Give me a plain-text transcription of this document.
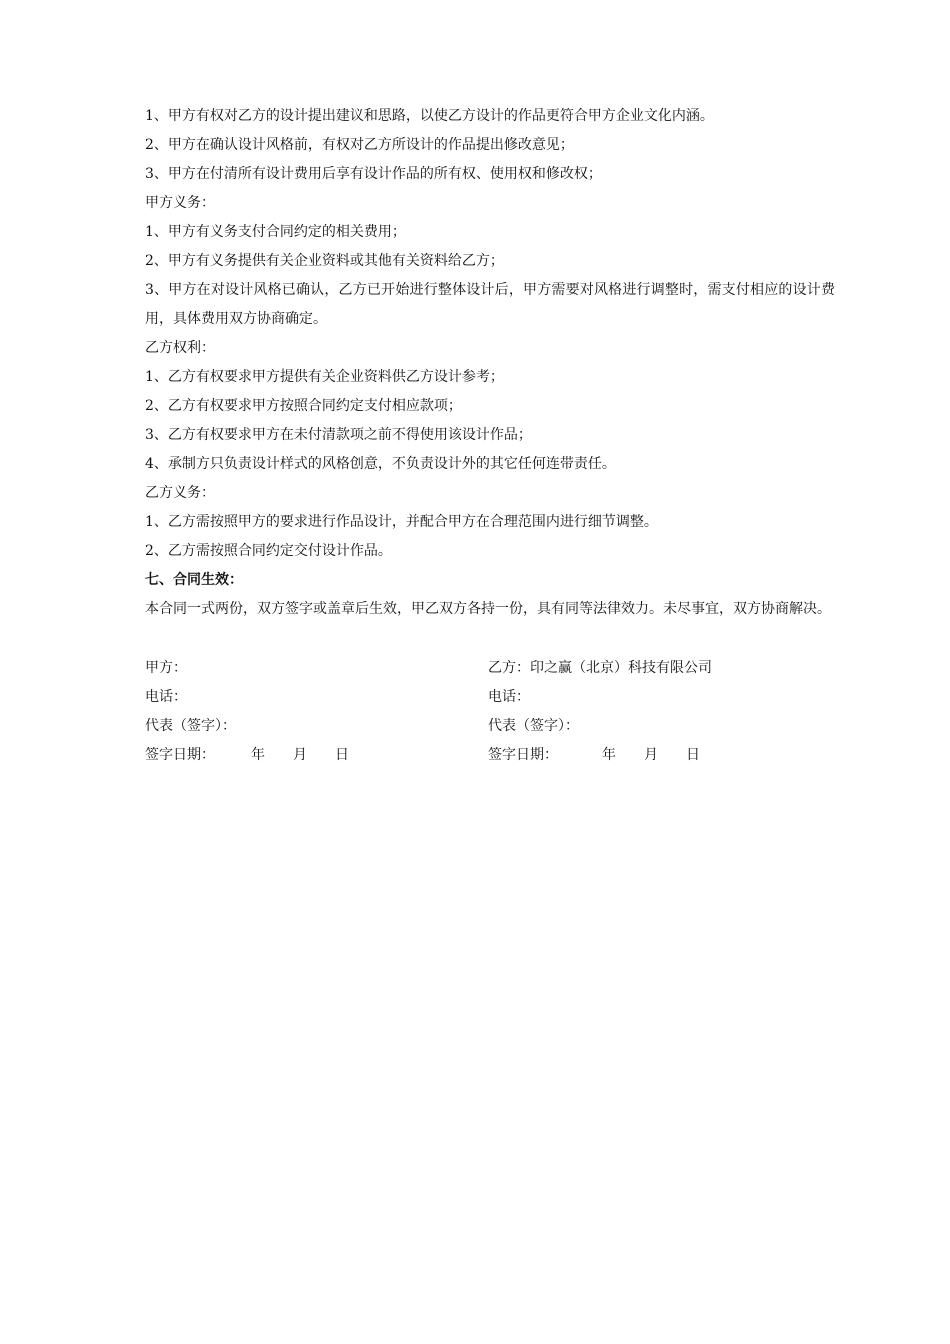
1、甲方有权对乙方的设计提出建议和思路，以使乙方设计的作品更符合甲方企业文化内涵。

2、甲方在确认设计风格前，有权对乙方所设计的作品提出修改意见；

3、甲方在付清所有设计费用后享有设计作品的所有权、使用权和修改权；

甲方义务：

1、甲方有义务支付合同约定的相关费用；

2、甲方有义务提供有关企业资料或其他有关资料给乙方；

3、甲方在对设计风格已确认，乙方已开始进行整体设计后，甲方需要对风格进行调整时，需支付相应的设计费用，具体费用双方协商确定。

乙方权利：

1、乙方有权要求甲方提供有关企业资料供乙方设计参考；

2、乙方有权要求甲方按照合同约定支付相应款项；

3、乙方有权要求甲方在未付清款项之前不得使用该设计作品；

4、承制方只负责设计样式的风格创意，不负责设计外的其它任何连带责任。

乙方义务：

1、乙方需按照甲方的要求进行作品设计，并配合甲方在合理范围内进行细节调整。

2、乙方需按照合同约定交付设计作品。

七、合同生效：

本合同一式两份，双方签字或盖章后生效，甲乙双方各持一份，具有同等法律效力。未尽事宜，双方协商解决。

甲方：	乙方：印之赢（北京）科技有限公司
电话：	电话：
代表（签字）：	代表（签字）：
签字日期：	年 月 日	签字日期：	年 月 日
